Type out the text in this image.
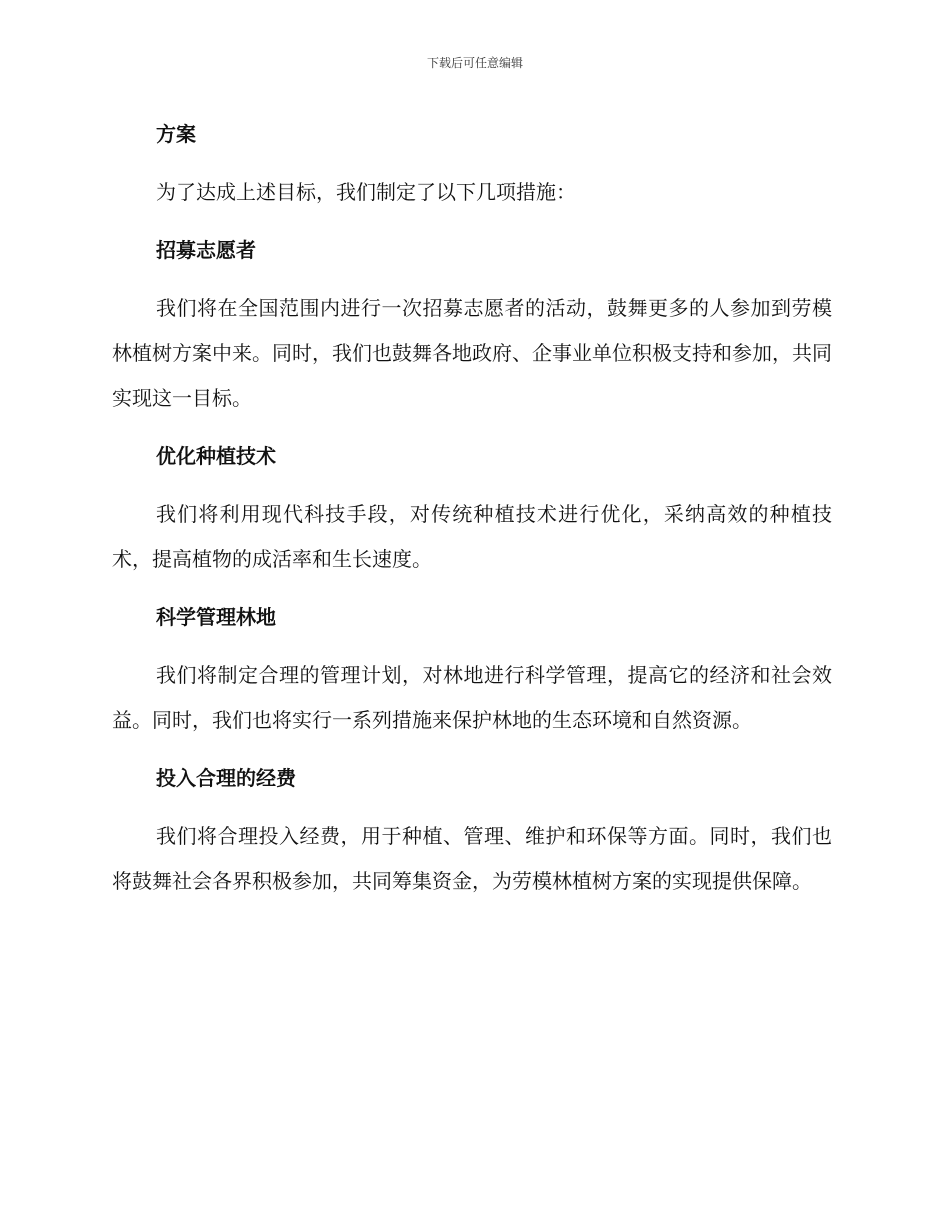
下载后可任意编辑
方案

为了达成上述目标，我们制定了以下几项措施：

招募志愿者

我们将在全国范围内进行一次招募志愿者的活动，鼓舞更多的人参加到劳模林植树方案中来。同时，我们也鼓舞各地政府、企事业单位积极支持和参加，共同实现这一目标。

优化种植技术

我们将利用现代科技手段，对传统种植技术进行优化，采纳高效的种植技术，提高植物的成活率和生长速度。

科学管理林地

我们将制定合理的管理计划，对林地进行科学管理，提高它的经济和社会效益。同时，我们也将实行一系列措施来保护林地的生态环境和自然资源。

投入合理的经费

我们将合理投入经费，用于种植、管理、维护和环保等方面。同时，我们也将鼓舞社会各界积极参加，共同筹集资金，为劳模林植树方案的实现提供保障。
